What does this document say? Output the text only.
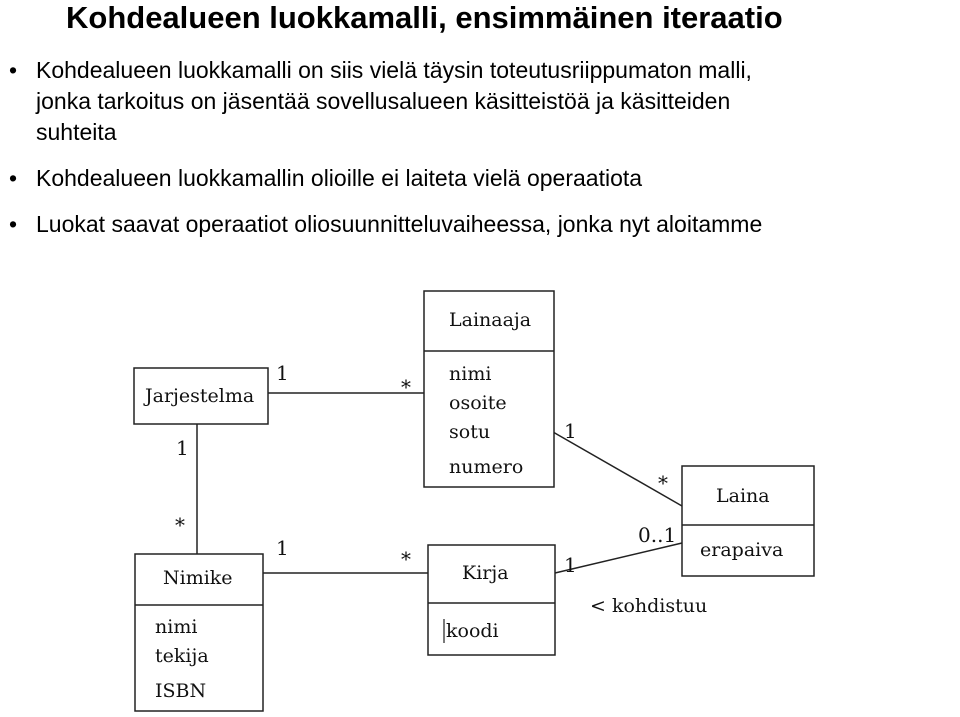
Kohdealueen luokkamalli, ensimmäinen iteraatio
• Kohdealueen luokkamalli on siis vielä täysin toteutusriippumaton malli,
jonka tarkoitus on jäsentää sovellusalueen käsitteistöä ja käsitteiden
suhteita
• Kohdealueen luokkamallin olioille ei laiteta vielä operaatiota
• Luokat saavat operaatiot oliosuunnitteluvaiheessa, jonka nyt aloitamme
Lainaaja
Jarjestelma
Laina
Nimike	Kirja
nimi
osoite
sotu
numero
erapaiva
nimi
tekija
ISBN
koodi
1
*
1
*
1
*
1	*	1
0..1
< kohdistuu
